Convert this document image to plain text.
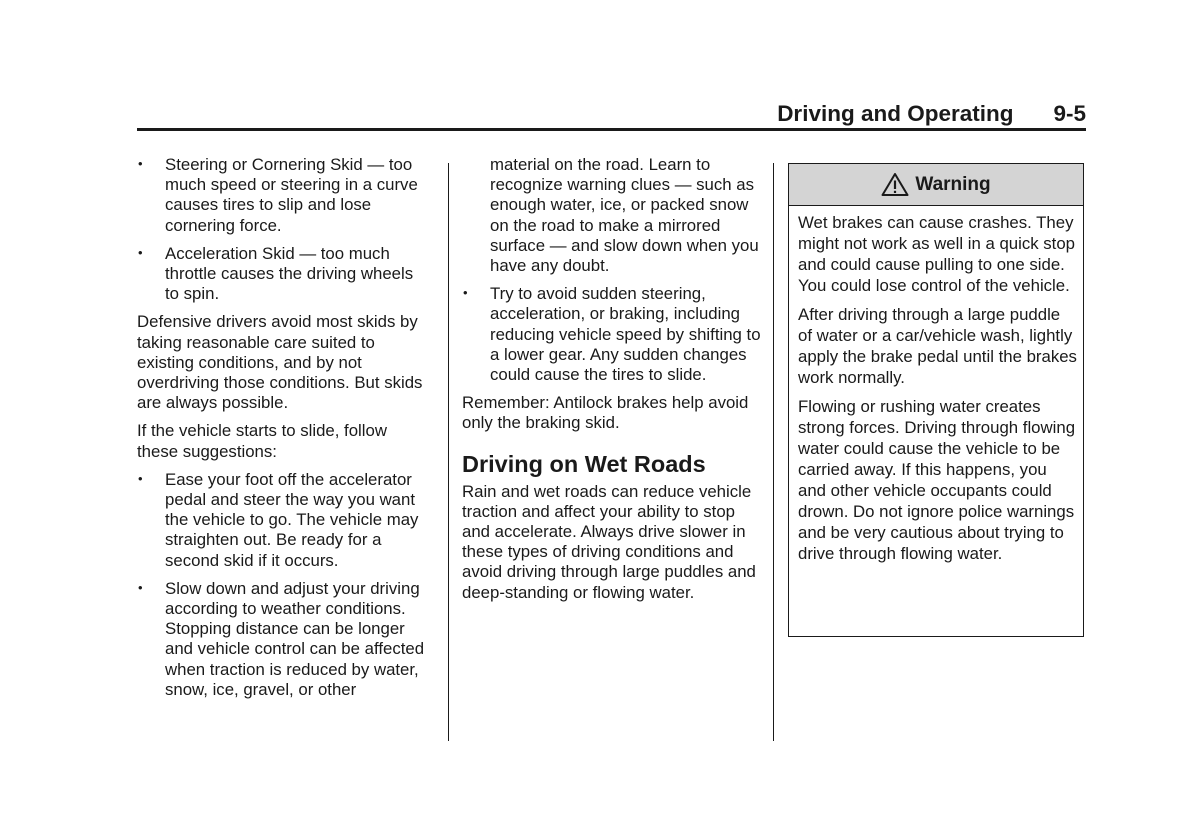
Driving and Operating 9-5
• Steering or Cornering Skid — too much speed or steering in a curve causes tires to slip and lose cornering force.
• Acceleration Skid — too much throttle causes the driving wheels to spin.

Defensive drivers avoid most skids by taking reasonable care suited to existing conditions, and by not overdriving those conditions. But skids are always possible.

If the vehicle starts to slide, follow these suggestions:

• Ease your foot off the accelerator pedal and steer the way you want the vehicle to go. The vehicle may straighten out. Be ready for a second skid if it occurs.
• Slow down and adjust your driving according to weather conditions. Stopping distance can be longer and vehicle control can be affected when traction is reduced by water, snow, ice, gravel, or other

material on the road. Learn to recognize warning clues — such as enough water, ice, or packed snow on the road to make a mirrored surface — and slow down when you have any doubt.

• Try to avoid sudden steering, acceleration, or braking, including reducing vehicle speed by shifting to a lower gear. Any sudden changes could cause the tires to slide.

Remember: Antilock brakes help avoid only the braking skid.

Driving on Wet Roads

Rain and wet roads can reduce vehicle traction and affect your ability to stop and accelerate. Always drive slower in these types of driving conditions and avoid driving through large puddles and deep-standing or flowing water.

Warning

Wet brakes can cause crashes. They might not work as well in a quick stop and could cause pulling to one side. You could lose control of the vehicle.

After driving through a large puddle of water or a car/vehicle wash, lightly apply the brake pedal until the brakes work normally.

Flowing or rushing water creates strong forces. Driving through flowing water could cause the vehicle to be carried away. If this happens, you and other vehicle occupants could drown. Do not ignore police warnings and be very cautious about trying to drive through flowing water.
